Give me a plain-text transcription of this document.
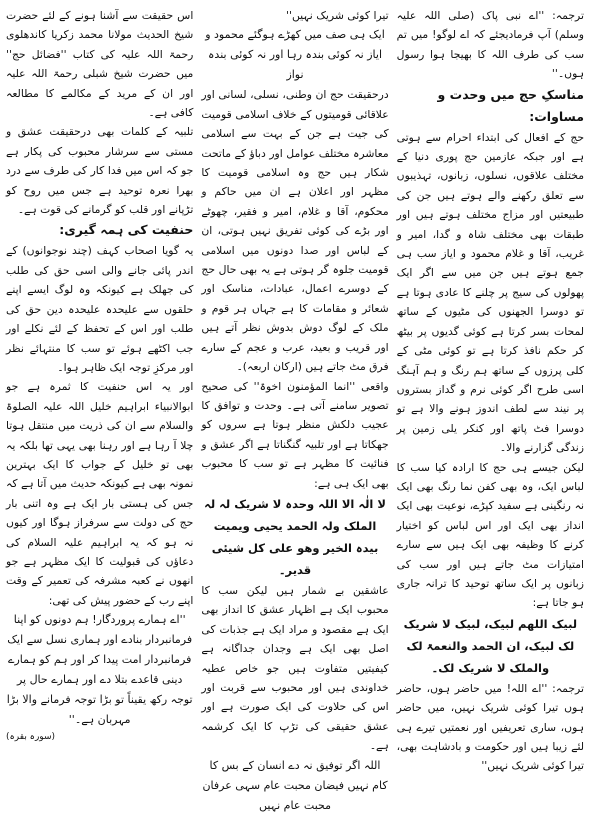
ترجمہ: ''اے نبی پاک (صلی اللہ علیہ وسلم) آپ فرمادیجئے کہ اے لوگو! میں تم سب کی طرف اللہ کا بھیجا ہوا رسول ہوں۔''

مناسکِ حج میں وحدت و مساوات:

حج کے افعال کی ابتداء احرام سے ہوتی ہے اور جبکہ عازمین حج پوری دنیا کے مختلف علاقوں، نسلوں، زبانوں، تہذیبوں سے تعلق رکھنے والے ہوتے ہیں جن کی طبیعتیں اور مزاج مختلف ہوتے ہیں اور طبقات بھی مختلف شاہ و گدا، امیر و غریب، آقا و غلام محمود و ایاز سب ہی جمع ہوتے ہیں جن میں سے اگر ایک پھولوں کی سیج پر چلنے کا عادی ہوتا ہے تو دوسرا الجھنوں کی مٹیوں کے ساتھ لمحات بسر کرتا ہے کوئی گدیوں پر بیٹھ کر حکم نافذ کرتا ہے تو کوئی مٹی کے کلی پرزوں کے ساتھ ہم رنگ و ہم آہنگ اسی طرح اگر کوئی نرم و گداز بستروں پر نیند سے لطف اندوز ہونے والا ہے تو دوسرا فٹ پاتھ اور کنکر یلی زمین پر زندگی گزارنے والا۔

لیکن جیسے ہی حج کا ارادہ کیا سب کا لباس ایک، وہ بھی کفن نما رنگ بھی ایک نہ رنگینی ہے سفید کپڑے، نوعیت بھی ایک انداز بھی ایک اور اس لباس کو اختیار کرنے کا وظیفہ بھی ایک ہیں سے سارے امتیازات مٹ جاتے ہیں اور سب کی زبانوں پر ایک ساتھ توحید کا ترانہ جاری ہو جاتا ہے:

لبیک اللھم لبیک، لبیک لا شریک لک لبیک، ان الحمد والنعمۃ لک والملک لا شریک لک۔

ترجمہ: ''اے اللہ! میں حاضر ہوں، حاضر ہوں تیرا کوئی شریک نہیں، میں حاضر ہوں، ساری تعریفیں اور نعمتیں تیرے ہی لئے زیبا ہیں اور حکومت و بادشاہت بھی، تیرا کوئی شریک نہیں''

تیرا کوئی شریک نہیں''

ایک ہی صف میں کھڑے ہوگئے محمود و ایاز نہ کوئی بندہ رہا اور نہ کوئی بندہ نواز

درحقیقت حج ان وطنی، نسلی، لسانی اور علاقائی قومیتوں کے خلاف اسلامی قومیت کی جیت ہے جن کے بہت سے اسلامی معاشرہ مختلف عوامل اور دباؤ کے ماتحت شکار ہیں حج وہ اسلامی قومیت کا مظہر اور اعلان ہے ان میں حاکم و محکوم، آقا و غلام، امیر و فقیر، چھوٹے اور بڑے کی کوئی تفریق نہیں ہوتی، ان کے لباس اور صدا دونوں میں اسلامی قومیت جلوہ گر ہوتی ہے یہ بھی حال حج کے دوسرے اعمال، عبادات، مناسک اور شعائر و مقامات کا ہے جہاں ہر قوم و ملک کے لوگ دوش بدوش نظر آتے ہیں اور قریب و بعید، عرب و عجم کے سارے فرق مٹ جاتے ہیں (ارکان اربعہ)۔

واقعی ''انما المؤمنون اخوۃ'' کی صحیح تصویر سامنے آتی ہے۔ وحدت و توافق کا عجیب دلکش منظر ہوتا ہے سروں کو جھکاتا ہے اور تلبیہ گنگناتا ہے اگر عشق و فنائیت کا مظہر ہے تو سب کا محبوب بھی ایک ہی ہے:

لا الٰہ الا اللہ وحدہ لا شریک لہ لہ الملک ولہ الحمد یحیی ویمیت بیدہ الخیر وھو علی کل شیئی قدیر۔

عاشقین بے شمار ہیں لیکن سب کا محبوب ایک ہے اظہار عشق کا انداز بھی ایک ہے مقصود و مراد ایک ہے جذبات کی اصل بھی ایک ہے وجدان جداگانہ ہے کیفیتیں متفاوت ہیں جو خاص عطیہ خداوندی ہیں اور محبوب سے قربت اور اس کی حلاوت کی ایک صورت ہے اور عشق حقیقی کی تڑپ کا ایک کرشمہ ہے۔

اللہ اگر توفیق نہ دے انسان کے بس کا کام نہیں فیضان محبت عام سہی عرفان محبت عام نہیں

اس حقیقت سے آشنا ہونے کے لئے حضرت شیخ الحدیث مولانا محمد زکریا کاندھلوی رحمۃ اللہ علیہ کی کتاب ''فضائل حج'' میں حضرت شیخ شبلی رحمۃ اللہ علیہ اور ان کے مرید کے مکالمے کا مطالعہ کافی ہے۔

تلبیہ کے کلمات بھی درحقیقت عشق و مستی سے سرشار محبوب کی پکار ہے جو کہ اس میں فدا کار کی طرف سے درد بھرا نعرہ توحید ہے جس میں روح کو تڑپانے اور قلب کو گرمانے کی قوت ہے۔

حنفیت کی ہمہ گیری:

یہ گویا اصحاب کہف (چند نوجوانوں) کے اندر پائی جانے والی اسی حق کی طلب کی جھلک ہے کیونکہ وہ لوگ ایسے اپنے حلقوں سے علیحدہ علیحدہ دین حق کی طلب اور اس کے تحفظ کے لئے نکلے اور جب اکٹھے ہوئے تو سب کا منتہائے نظر اور مرکزِ توجہ ایک ظاہر ہوا۔

اور یہ اس حنفیت کا ثمرہ ہے جو ابوالانبیاء ابراہیم خلیل اللہ علیہ الصلوۃ والسلام سے ان کی ذریت میں منتقل ہوتا چلا آ رہا ہے اور رہنا بھی یہی تھا بلکہ یہ بھی تو خلیل کے جواب کا ایک بہترین نمونہ بھی ہے کیونکہ حدیث میں آتا ہے کہ جس کی ہستی بار ایک ہے وہ اتنی بار حج کی دولت سے سرفراز ہوگا اور کیوں نہ ہو کہ یہ ابراہیم علیہ السلام کی دعاؤں کی قبولیت کا ایک مظہر ہے جو انھوں نے کعبہ مشرفہ کی تعمیر کے وقت اپنے رب کے حضور پیش کی تھی:

''اے ہمارے پروردگار! ہم دونوں کو اپنا فرمانبردار بنادے اور ہماری نسل سے ایک فرمانبردار امت پیدا کر اور ہم کو ہمارے دینی قاعدے بتلا دے اور ہمارے حال پر توجہ رکھ یقیناً تو بڑا توجہ فرمانے والا بڑا مہربان ہے۔''

(سورہ بقرہ)
